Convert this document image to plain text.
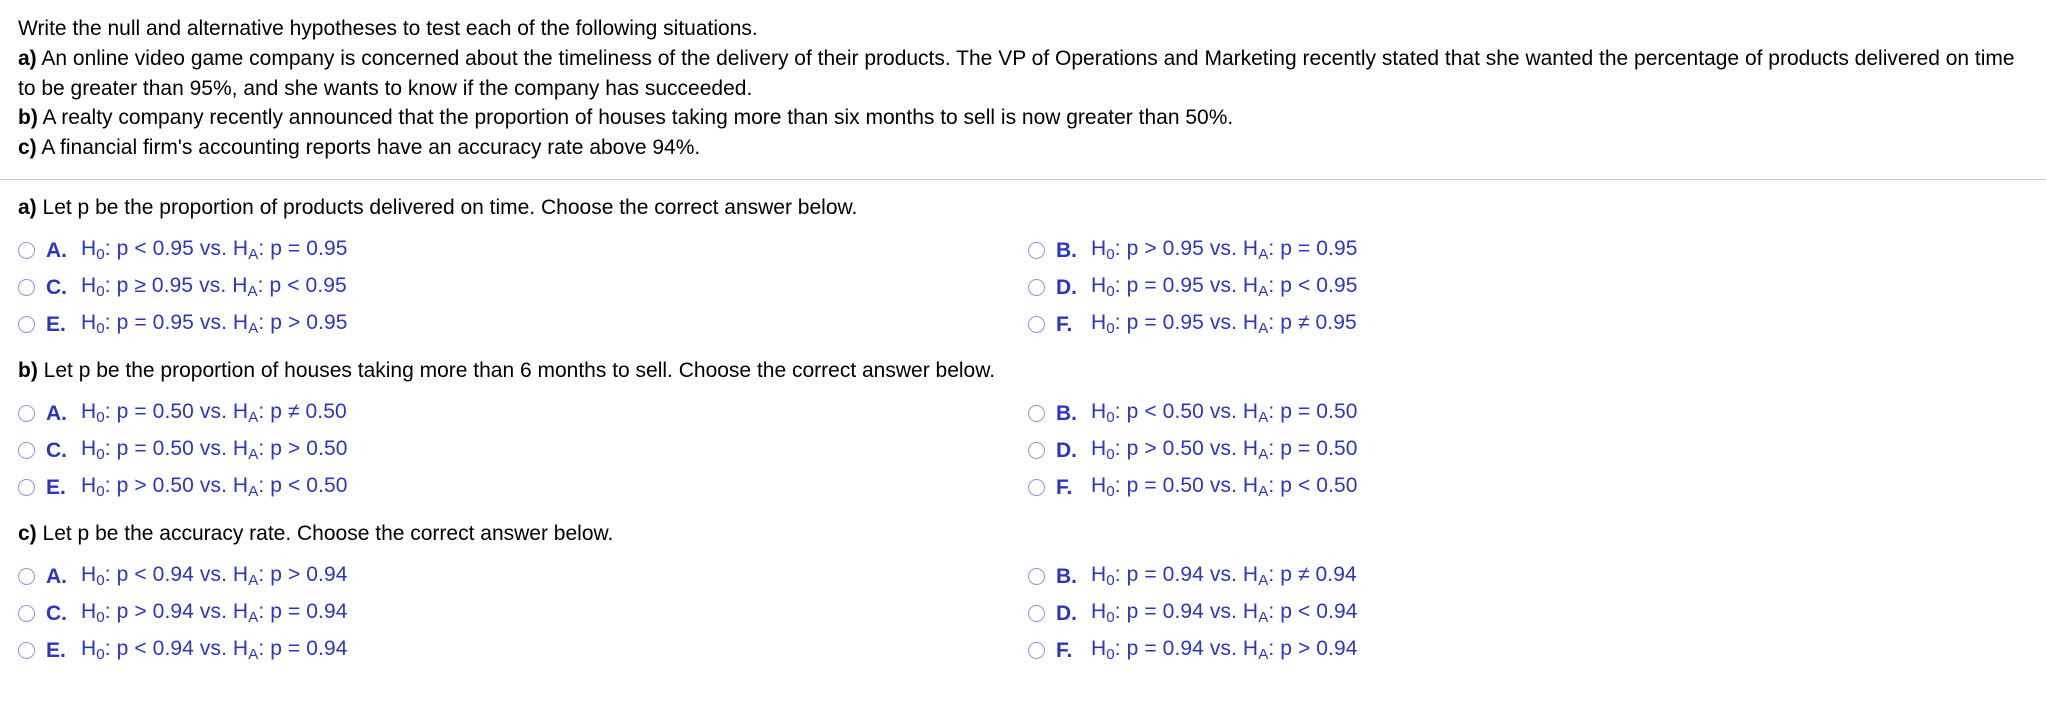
Write the null and alternative hypotheses to test each of the following situations.
a) An online video game company is concerned about the timeliness of the delivery of their products. The VP of Operations and Marketing recently stated that she wanted the percentage of products delivered on time
to be greater than 95%, and she wants to know if the company has succeeded.
b) A realty company recently announced that the proportion of houses taking more than six months to sell is now greater than 50%.
c) A financial firm's accounting reports have an accuracy rate above 94%.
a) Let p be the proportion of products delivered on time. Choose the correct answer below.
A. $H_0$: p < 0.95 vs. $H_A$: p = 0.95
C. $H_0$: p ≥ 0.95 vs. $H_A$: p < 0.95
E. $H_0$: p = 0.95 vs. $H_A$: p > 0.95
B. $H_0$: p > 0.95 vs. $H_A$: p = 0.95
D. $H_0$: p = 0.95 vs. $H_A$: p < 0.95
F. $H_0$: p = 0.95 vs. $H_A$: p ≠ 0.95
b) Let p be the proportion of houses taking more than 6 months to sell. Choose the correct answer below.
A. $H_0$: p = 0.50 vs. $H_A$: p ≠ 0.50
C. $H_0$: p = 0.50 vs. $H_A$: p > 0.50
E. $H_0$: p > 0.50 vs. $H_A$: p < 0.50
B. $H_0$: p < 0.50 vs. $H_A$: p = 0.50
D. $H_0$: p > 0.50 vs. $H_A$: p = 0.50
F. $H_0$: p = 0.50 vs. $H_A$: p < 0.50
c) Let p be the accuracy rate. Choose the correct answer below.
A. $H_0$: p < 0.94 vs. $H_A$: p > 0.94
C. $H_0$: p > 0.94 vs. $H_A$: p = 0.94
E. $H_0$: p < 0.94 vs. $H_A$: p = 0.94
B. $H_0$: p = 0.94 vs. $H_A$: p ≠ 0.94
D. $H_0$: p = 0.94 vs. $H_A$: p < 0.94
F. $H_0$: p = 0.94 vs. $H_A$: p > 0.94
